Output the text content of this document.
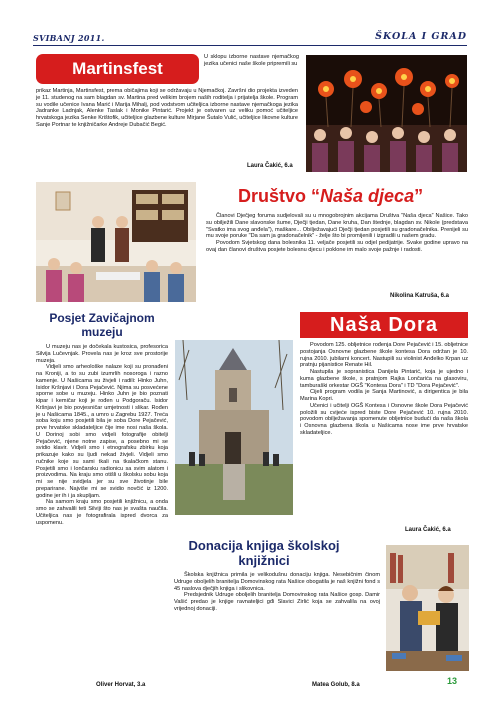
SVIBANJ 2011.	ŠKOLA I GRAD
Martinsfest
U sklopu izborne nastave njemačkog jezika učenici naše škole pripremili su
prikaz Martinja, Martinsfest, prema običajima koji se održavaju u Njemačkoj. Završni dio projekta izveden je 11. studenog na sam blagdan sv. Martina pred velikim brojem naših roditelja i prijatelja škole. Program su vodile učenice Ivana Marić i Marija Mihalj, pod vodstvom učiteljica izborne nastave njemačkoga jezika Jadranke Ladnjak, Alenke Taslak i Monike Pintarić. Projekt je ostvaren uz veliku pomoć učiteljice hrvatskoga jezika Senke Krištofik, učiteljice glazbene kulture Mirjane Šutalo Vulić, učiteljice likovne kulture Sanje Portnar te knjižničarke Andreje Dubačić Begić.
Laura Čakić, 6.a
Društvo “Naša djeca”

Članovi Dječjeg foruma sudjelovali su u mnogobrojnim akcijama Društva “Naša djeca” Našice. Tako su obilježili Dane slavonske šume, Dječji tjedan, Dane kruha, Dan štednje, blagdan sv. Nikole (predstava "Svatko ima svog anđela"), maškare... Obilježavajući Dječji tjedan posjetili su gradonačelnika. Prenijeli su mu svoje poruke "Da sam ja gradonačelnik" - želje što bi promijenili i izgradili u našem gradu.

Povodom Svjetskog dana bolesnika 11. veljače posjetili su odjel pedijatrije. Svake godine upravo na ovaj dan članovi društva posjete bolesnu djecu i poklone im malo svoje pažnje i radosti.

Nikolina Katruša, 6.a
Posjet Zavičajnom muzeju

U muzeju nas je dočekala kustosica, profesorica Silvija Lučevnjak. Provela nas je kroz sve prostorije muzeja.

Vidjeli smo arheološke nalaze koji su pronađeni na Kroniji, a to su zubi izumrlih nosoroga i razno kamenje. U Našicama su živjeli i radili: Hinko Juhn, Isidor Kršnjavi i Dora Pejačević. Njima su posvećene sporne sobe u muzeju. Hinko Juhn je bio poznati kipar i kemičar koji je rođen u Podgoraču. Isidor Kršnjavi je bio povjesničar umjetnosti i slikar. Rođen je u Našicama 1845., a umro u Zagrebu 1927. Treća soba koju smo posjetili bila je soba Dore Pejačević, prve hrvatske skladateljice čije ime nosi naša škola. U Dorinoj sobi smo vidjeli fotografije obitelji Pejačević, njene notne zapise, a posebno mi se svidio klavir. Vidjeli smo i etnografsku zbirku koja prikazuje kako su ljudi nekad živjeli. Vidjeli smo ručnike koje su sami tkali na tkalačkom stanu. Posjetili smo i lončarsku radionicu sa svim alatom i proizvodima. Na kraju smo otišli u školsku sobu koja mi se nije svidjela jer su sve životinje bile prepariranе. Najviše mi se svidio novčić iz 1200. godine jer ih i ja skupljam.

Na samom kraju smo posjetili knjižnicu, a onda smo se zahvalili teti Silviji što nas je svašta naučila. Učiteljica nas je fotografirala ispred dvorca za uspomenu.

Oliver Horvat, 3.a
Naša Dora

Povodom 125. obljetnice rođenja Dore Pejačević i 15. obljetnice postojanja Osnovne glazbene škole kontesa Dora održan je 10. rujna 2010. jubilarni koncert. Nastupili su violinist Anđelko Krpan uz pratnju pijanistice Renate Hil.

Nastupila je sopranistica Danijela Pintarić, koja je ujedno i kuma glazbene škole, s pratnjom Rajka Lončarića na glasoviru, tamburaški orkestar OGŠ "Kontesa Dora" i TD "Dora Pejačević".

Cijeli program vodila je Sanja Martinović, a dirigentica je bila Marina Kopri.

Učenici i učitelji OGŠ Kontesa i Osnovne škole Dora Pejačević položili su cvijeće ispred biste Dore Pejačević 10. rujna 2010. povodom obilježavanja spomenute obljetnice budući da naša škola i Osnovna glazbena škola u Našicama nose ime prve hrvatske skladateljice.

Laura Čakić, 6.a
Donacija knjiga školskoj knjižnici

Školska knjižnica primila je velikodušnu donaciju knjiga. Nesebičnim činom Udruge oboljelih branitelja Domovinskog rata Našice obogatila je naš knjižni fond s 45 naslova dječjih knjiga i slikovnica.

Predsjednik Udruge oboljelih branitelja Domovinskog rata Našice gosp. Damir Vašić predao je knjige ravnateljici gđi Slavici Zirlić koja se zahvalila na ovoj vrijednoj donaciji.

Matea Golub, 8.a	13
